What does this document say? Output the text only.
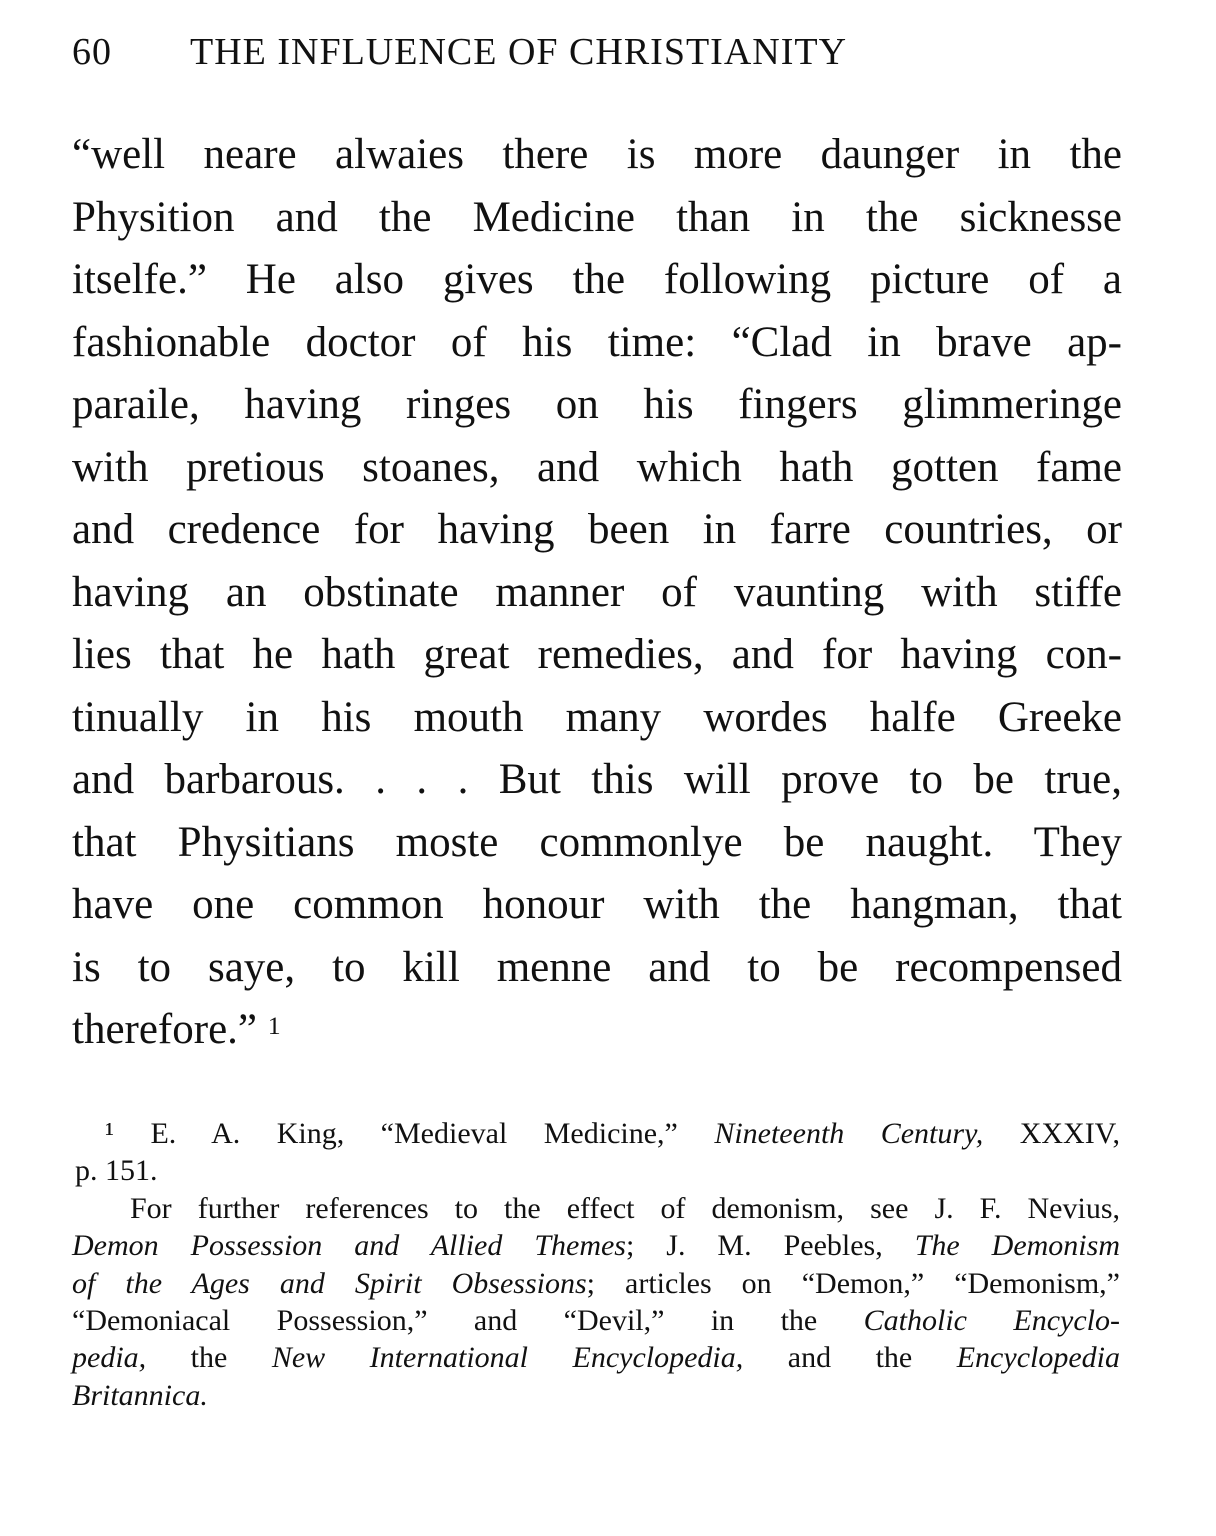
60 THE INFLUENCE OF CHRISTIANITY
“well neare alwaies there is more daunger in the
Physition and the Medicine than in the sicknesse
itselfe.” He also gives the following picture of a
fashionable doctor of his time: “Clad in brave ap-
paraile, having ringes on his fingers glimmeringe
with pretious stoanes, and which hath gotten fame
and credence for having been in farre countries, or
having an obstinate manner of vaunting with stiffe
lies that he hath great remedies, and for having con-
tinually in his mouth many wordes halfe Greeke
and barbarous. . . . But this will prove to be true,
that Physitians moste commonlye be naught. They
have one common honour with the hangman, that
is to saye, to kill menne and to be recompensed
therefore.” $^1$
¹ E. A. King, “Medieval Medicine,” Nineteenth Century, XXXIV,
p. 151.
For further references to the effect of demonism, see J. F. Nevius,
Demon Possession and Allied Themes; J. M. Peebles, The Demonism
of the Ages and Spirit Obsessions; articles on “Demon,” “Demonism,”
“Demoniacal Possession,” and “Devil,” in the Catholic Encyclo-
pedia, the New International Encyclopedia, and the Encyclopedia
Britannica.
